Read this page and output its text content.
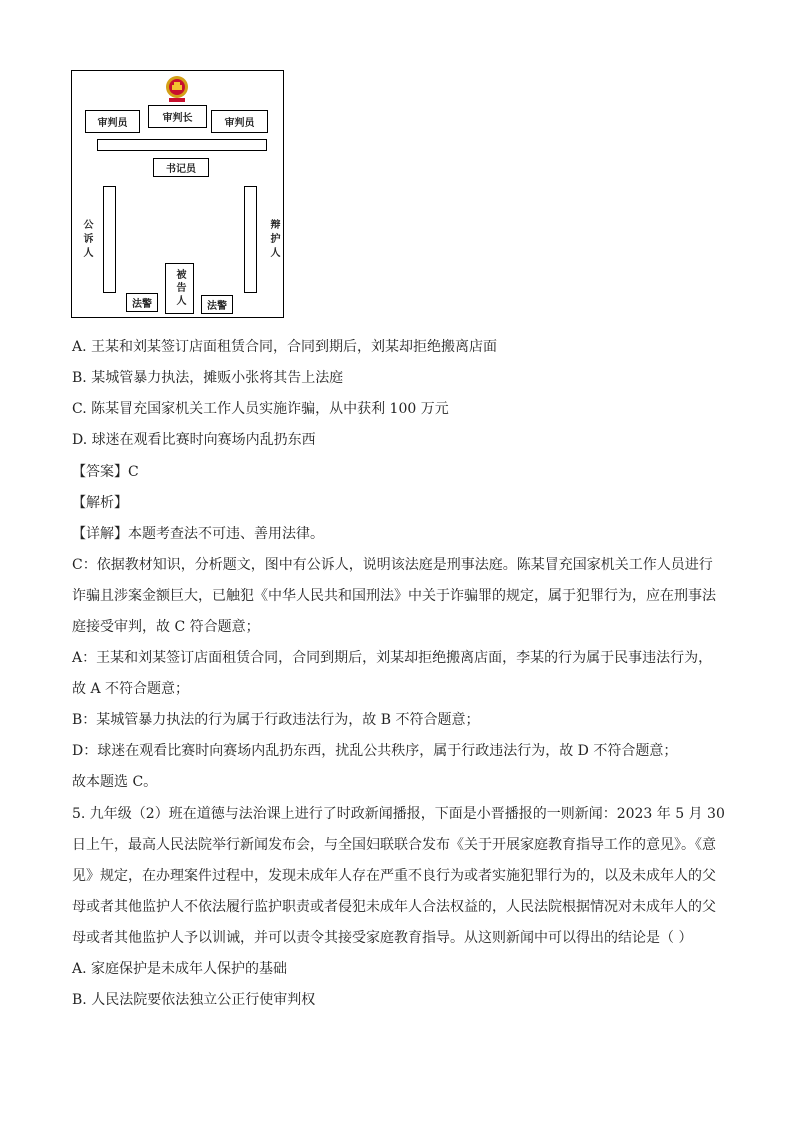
审判长
审判员	审判员
书记员
公诉人	辩护人
被告人
法警	法警
A. 王某和刘某签订店面租赁合同，合同到期后，刘某却拒绝搬离店面
B. 某城管暴力执法，摊贩小张将其告上法庭
C. 陈某冒充国家机关工作人员实施诈骗，从中获利 100 万元
D. 球迷在观看比赛时向赛场内乱扔东西
【答案】C
【解析】
【详解】本题考查法不可违、善用法律。
C：依据教材知识，分析题文，图中有公诉人，说明该法庭是刑事法庭。陈某冒充国家机关工作人员进行
诈骗且涉案金额巨大，已触犯《中华人民共和国刑法》中关于诈骗罪的规定，属于犯罪行为，应在刑事法
庭接受审判，故 C 符合题意；
A：王某和刘某签订店面租赁合同，合同到期后，刘某却拒绝搬离店面，李某的行为属于民事违法行为，
故 A 不符合题意；
B：某城管暴力执法的行为属于行政违法行为，故 B 不符合题意；
D：球迷在观看比赛时向赛场内乱扔东西，扰乱公共秩序，属于行政违法行为，故 D 不符合题意；
故本题选 C。
5. 九年级（2）班在道德与法治课上进行了时政新闻播报，下面是小晋播报的一则新闻：2023 年 5 月 30
日上午，最高人民法院举行新闻发布会，与全国妇联联合发布《关于开展家庭教育指导工作的意见》。《意
见》规定，在办理案件过程中，发现未成年人存在严重不良行为或者实施犯罪行为的，以及未成年人的父
母或者其他监护人不依法履行监护职责或者侵犯未成年人合法权益的，人民法院根据情况对未成年人的父
母或者其他监护人予以训诫，并可以责令其接受家庭教育指导。从这则新闻中可以得出的结论是（ ）
A. 家庭保护是未成年人保护的基础
B. 人民法院要依法独立公正行使审判权
